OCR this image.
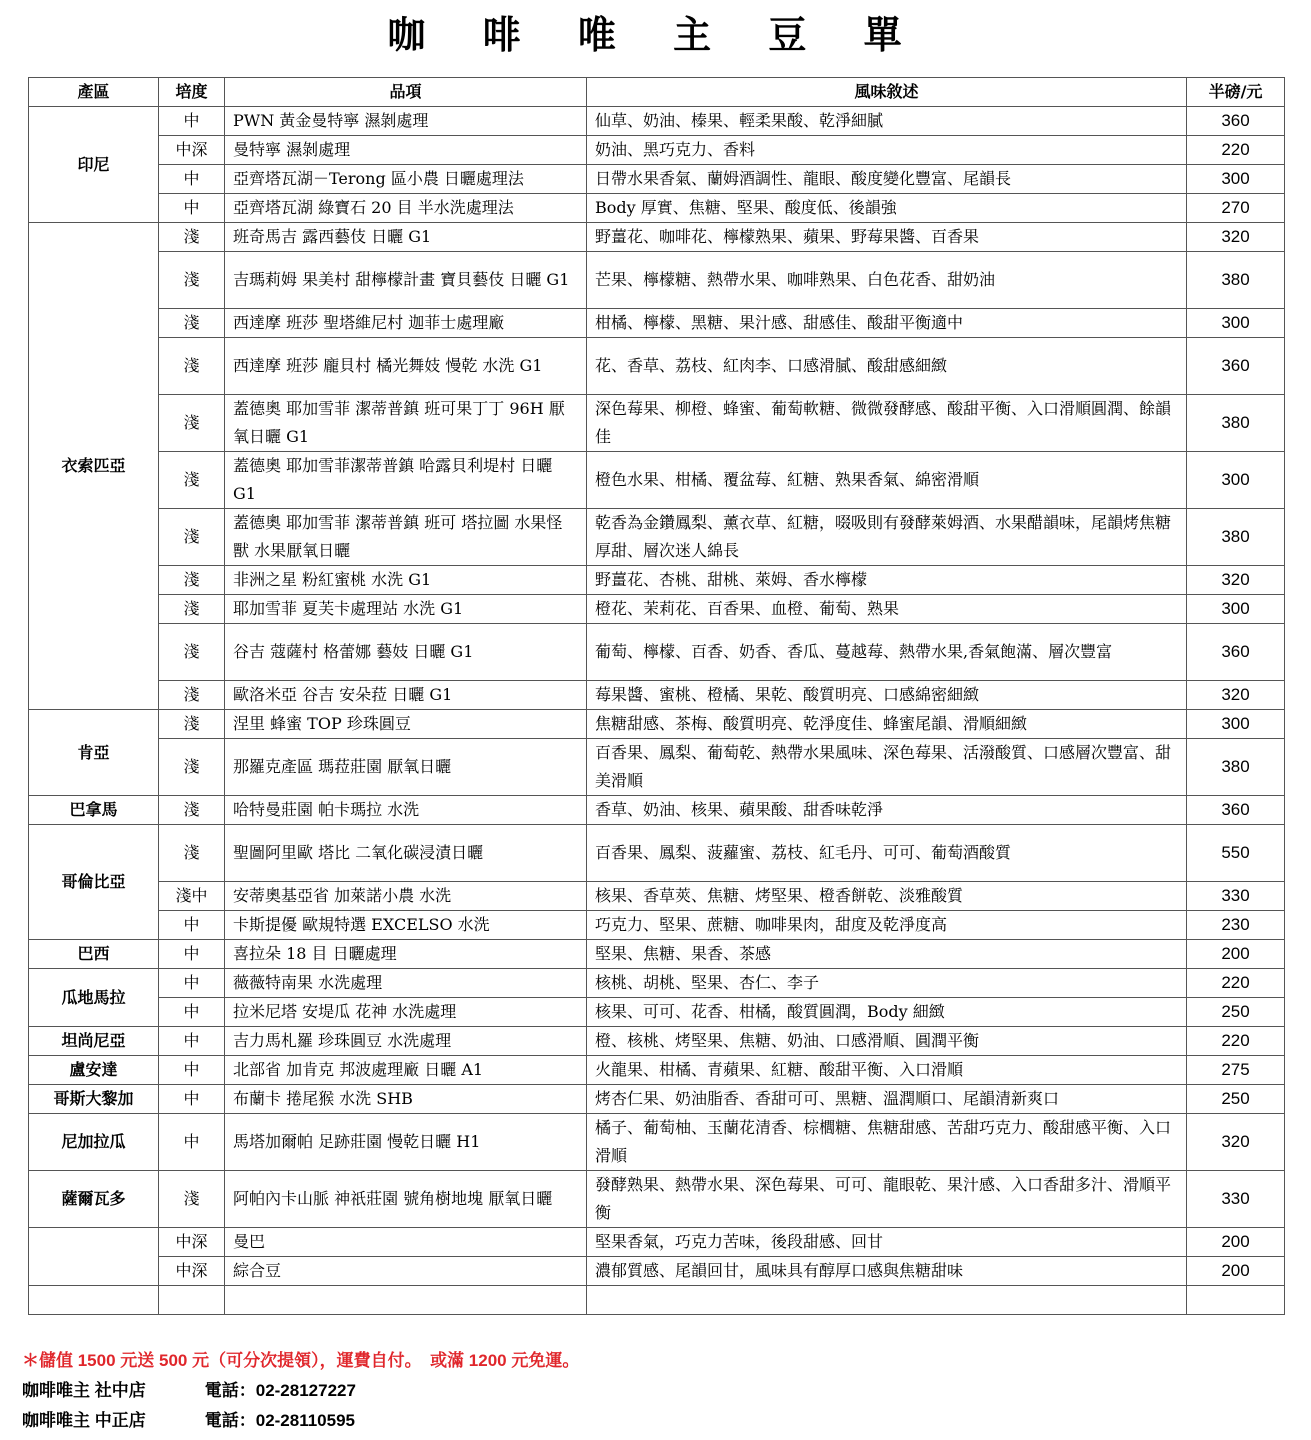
咖 啡 唯 主 豆 單
產區	培度	品項	風味敘述	半磅/元
印尼	中	PWN 黃金曼特寧 濕剝處理	仙草、奶油、榛果、輕柔果酸、乾淨細膩	360
	中深	曼特寧 濕剝處理	奶油、黑巧克力、香料	220
	中	亞齊塔瓦湖－Terong 區小農 日曬處理法	日帶水果香氣、蘭姆酒調性、龍眼、酸度變化豐富、尾韻長	300
	中	亞齊塔瓦湖 綠寶石 20 目 半水洗處理法	Body 厚實、焦糖、堅果、酸度低、後韻強	270
衣索匹亞	淺	班奇馬吉 露西藝伎 日曬 G1	野薑花、咖啡花、檸檬熟果、蘋果、野莓果醬、百香果	320
	淺	吉瑪莉姆 果美村 甜檸檬計畫 寶貝藝伎 日曬 G1	芒果、檸檬糖、熱帶水果、咖啡熟果、白色花香、甜奶油	380
	淺	西達摩 班莎 聖塔維尼村 迦菲士處理廠	柑橘、檸檬、黑糖、果汁感、甜感佳、酸甜平衡適中	300
	淺	西達摩 班莎 龐貝村 橘光舞妓 慢乾 水洗 G1	花、香草、荔枝、紅肉李、口感滑膩、酸甜感細緻	360
	淺	蓋德奧 耶加雪菲 潔蒂普鎮 班可果丁丁 96H 厭氧日曬 G1	深色莓果、柳橙、蜂蜜、葡萄軟糖、微微發酵感、酸甜平衡、入口滑順圓潤、餘韻佳	380
	淺	蓋德奧 耶加雪菲潔蒂普鎮 哈露貝利堤村 日曬 G1	橙色水果、柑橘、覆盆莓、紅糖、熟果香氣、綿密滑順	300
	淺	蓋德奧 耶加雪菲 潔蒂普鎮 班可 塔拉圖 水果怪獸 水果厭氧日曬	乾香為金鑽鳳梨、薰衣草、紅糖，啜吸則有發酵萊姆酒、水果醋韻味，尾韻烤焦糖厚甜、層次迷人綿長	380
	淺	非洲之星 粉紅蜜桃 水洗 G1	野薑花、杏桃、甜桃、萊姆、香水檸檬	320
	淺	耶加雪菲 夏芙卡處理站 水洗 G1	橙花、茉莉花、百香果、血橙、葡萄、熟果	300
	淺	谷吉 蔻薩村 格蕾娜 藝妓 日曬 G1	葡萄、檸檬、百香、奶香、香瓜、蔓越莓、熱帶水果,香氣飽滿、層次豐富	360
	淺	歐洛米亞 谷吉 安朵菈 日曬 G1	莓果醬、蜜桃、橙橘、果乾、酸質明亮、口感綿密細緻	320
肯亞	淺	涅里 蜂蜜 TOP 珍珠圓豆	焦糖甜感、茶梅、酸質明亮、乾淨度佳、蜂蜜尾韻、滑順細緻	300
	淺	那羅克產區 瑪菈莊園 厭氧日曬	百香果、鳳梨、葡萄乾、熱帶水果風味、深色莓果、活潑酸質、口感層次豐富、甜美滑順	380
巴拿馬	淺	哈特曼莊園 帕卡瑪拉 水洗	香草、奶油、核果、蘋果酸、甜香味乾淨	360
哥倫比亞	淺	聖圖阿里歐 塔比 二氧化碳浸漬日曬	百香果、鳳梨、菠蘿蜜、荔枝、紅毛丹、可可、葡萄酒酸質	550
	淺中	安蒂奧基亞省 加萊諾小農 水洗	核果、香草莢、焦糖、烤堅果、橙香餅乾、淡雅酸質	330
	中	卡斯提優 歐規特選 EXCELSO 水洗	巧克力、堅果、蔗糖、咖啡果肉，甜度及乾淨度高	230
巴西	中	喜拉朵 18 目 日曬處理	堅果、焦糖、果香、茶感	200
瓜地馬拉	中	薇薇特南果 水洗處理	核桃、胡桃、堅果、杏仁、李子	220
	中	拉米尼塔 安堤瓜 花神 水洗處理	核果、可可、花香、柑橘，酸質圓潤，Body 細緻	250
坦尚尼亞	中	吉力馬札羅 珍珠圓豆 水洗處理	橙、核桃、烤堅果、焦糖、奶油、口感滑順、圓潤平衡	220
盧安達	中	北部省 加肯克 邦波處理廠 日曬 A1	火龍果、柑橘、青蘋果、紅糖、酸甜平衡、入口滑順	275
哥斯大黎加	中	布蘭卡 捲尾猴 水洗 SHB	烤杏仁果、奶油脂香、香甜可可、黑糖、溫潤順口、尾韻清新爽口	250
尼加拉瓜	中	馬塔加爾帕 足跡莊園 慢乾日曬 H1	橘子、葡萄柚、玉蘭花清香、棕櫚糖、焦糖甜感、苦甜巧克力、酸甜感平衡、入口滑順	320
薩爾瓦多	淺	阿帕內卡山脈 神祇莊園 號角樹地塊 厭氧日曬	發酵熟果、熱帶水果、深色莓果、可可、龍眼乾、果汁感、入口香甜多汁、滑順平衡	330
	中深	曼巴	堅果香氣，巧克力苦味，後段甜感、回甘	200
	中深	綜合豆	濃郁質感、尾韻回甘，風味具有醇厚口感與焦糖甜味	200

＊儲值 1500 元送 500 元（可分次提領），運費自付。　或滿 1200 元免運。
咖啡唯主 社中店	電話：02-28127227
咖啡唯主 中正店	電話：02-28110595
